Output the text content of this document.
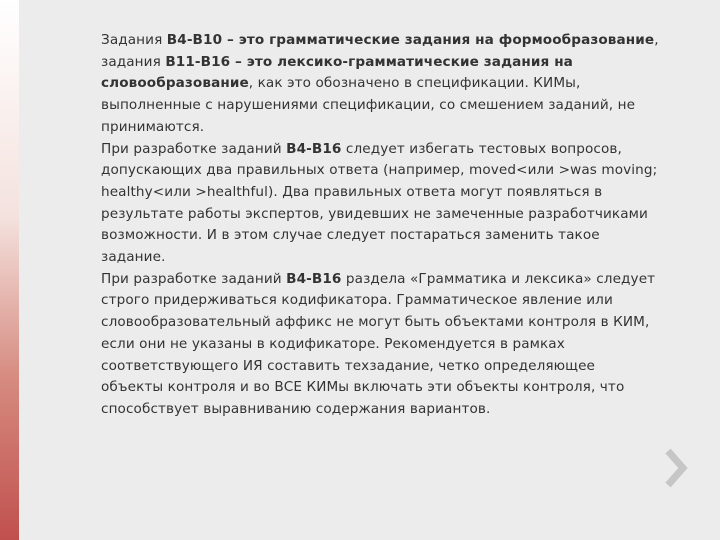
Задания В4-В10 – это грамматические задания на формообразование, задания В11-В16 – это лексико-грамматические задания на словообразование, как это обозначено в спецификации. КИМы, выполненные с нарушениями спецификации, со смешением заданий, не принимаются.

При разработке заданий В4-В16 следует избегать тестовых вопросов, допускающих два правильных ответа (например, moved<или >was moving; healthy<или >healthful). Два правильных ответа могут появляться в результате работы экспертов, увидевших не замеченные разработчиками возможности. И в этом случае следует постараться заменить такое задание.

При разработке заданий В4-В16 раздела «Грамматика и лексика» следует строго придерживаться кодификатора. Грамматическое явление или словообразовательный аффикс не могут быть объектами контроля в КИМ, если они не указаны в кодификаторе. Рекомендуется в рамках соответствующего ИЯ составить техзадание, четко определяющее объекты контроля и во ВСЕ КИМы включать эти объекты контроля, что способствует выравниванию содержания вариантов.
